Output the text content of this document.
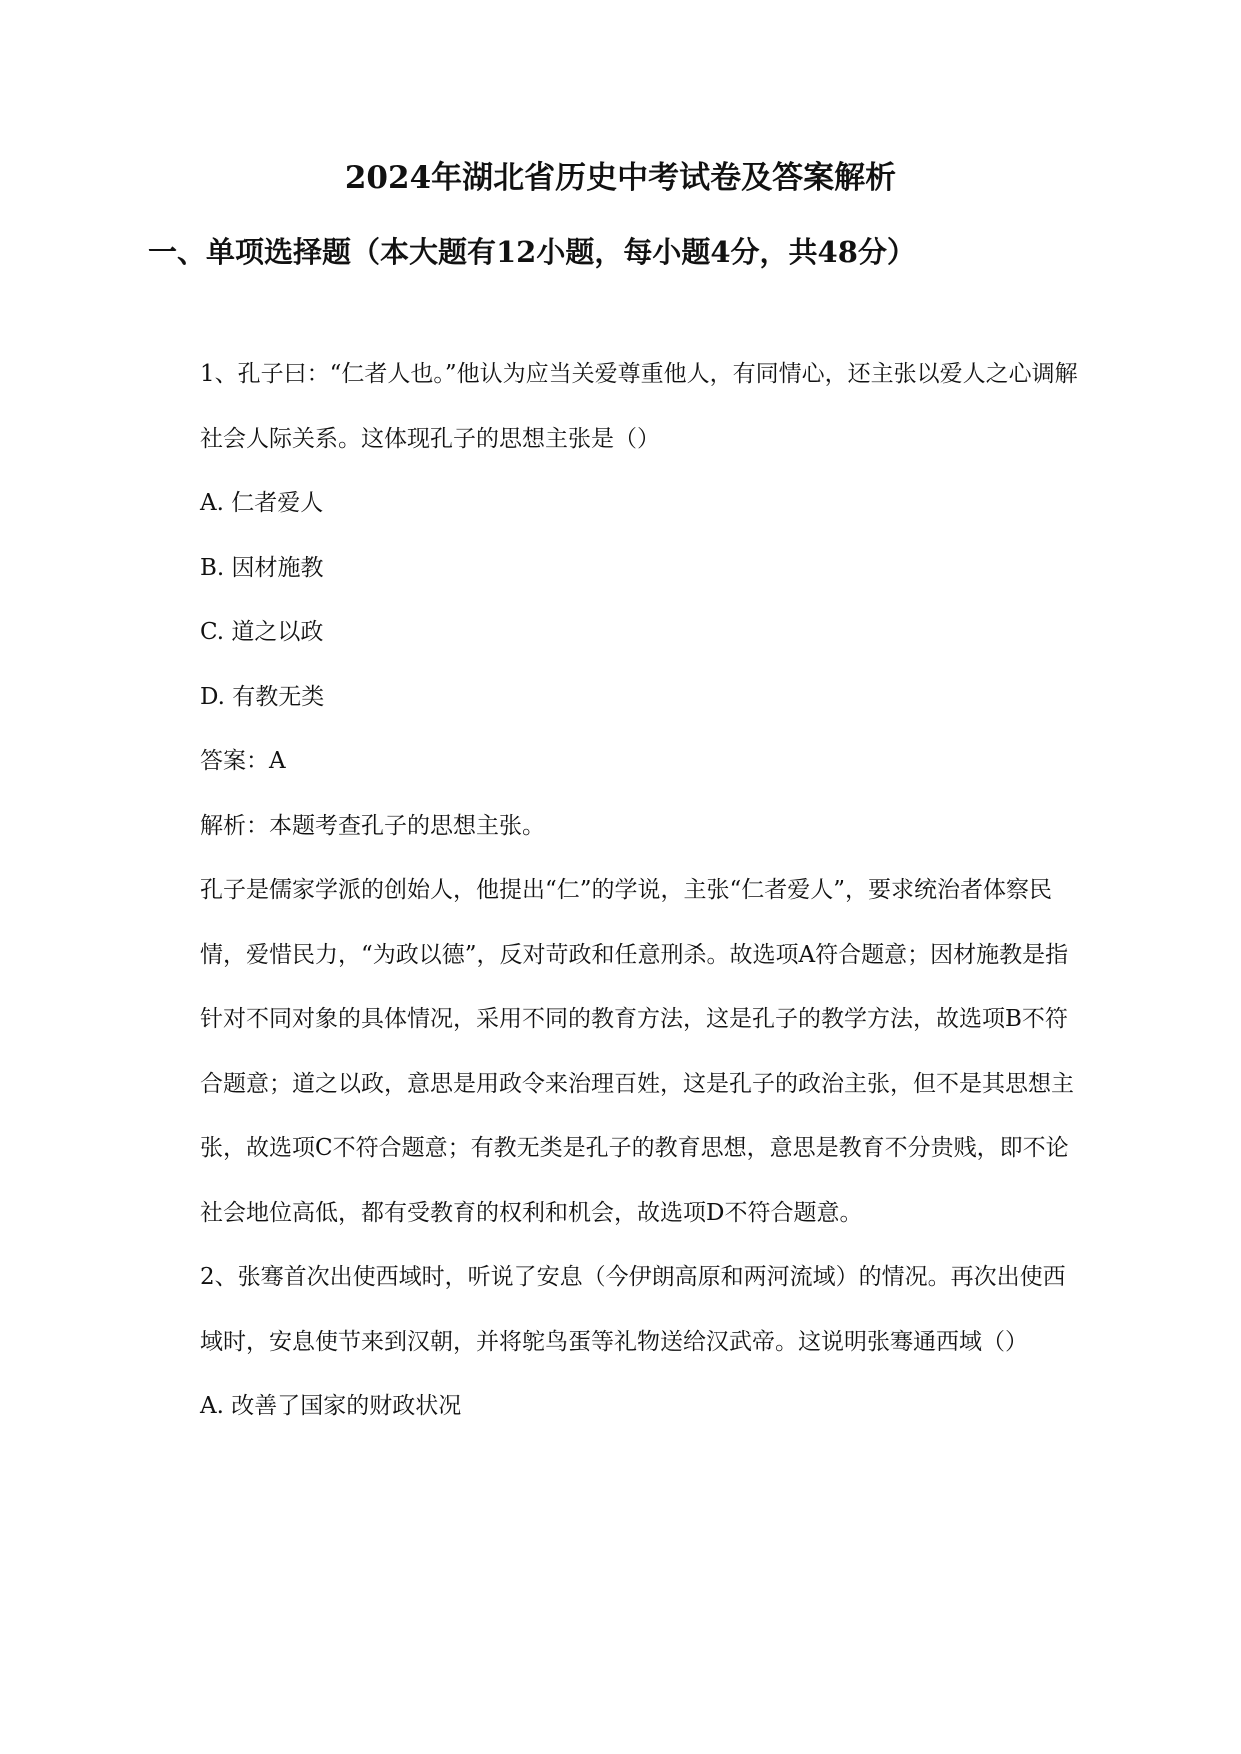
2024年湖北省历史中考试卷及答案解析
一、单项选择题（本大题有12小题，每小题4分，共48分）

1、孔子曰：“仁者人也。”他认为应当关爱尊重他人，有同情心，还主张以爱人之心调解社会人际关系。这体现孔子的思想主张是（）

A. 仁者爱人

B. 因材施教

C. 道之以政

D. 有教无类

答案：A

解析：本题考查孔子的思想主张。

孔子是儒家学派的创始人，他提出“仁”的学说，主张“仁者爱人”，要求统治者体察民情，爱惜民力，“为政以德”，反对苛政和任意刑杀。故选项A符合题意；因材施教是指针对不同对象的具体情况，采用不同的教育方法，这是孔子的教学方法，故选项B不符合题意；道之以政，意思是用政令来治理百姓，这是孔子的政治主张，但不是其思想主张，故选项C不符合题意；有教无类是孔子的教育思想，意思是教育不分贵贱，即不论社会地位高低，都有受教育的权利和机会，故选项D不符合题意。

2、张骞首次出使西域时，听说了安息（今伊朗高原和两河流域）的情况。再次出使西域时，安息使节来到汉朝，并将鸵鸟蛋等礼物送给汉武帝。这说明张骞通西域（）

A. 改善了国家的财政状况
